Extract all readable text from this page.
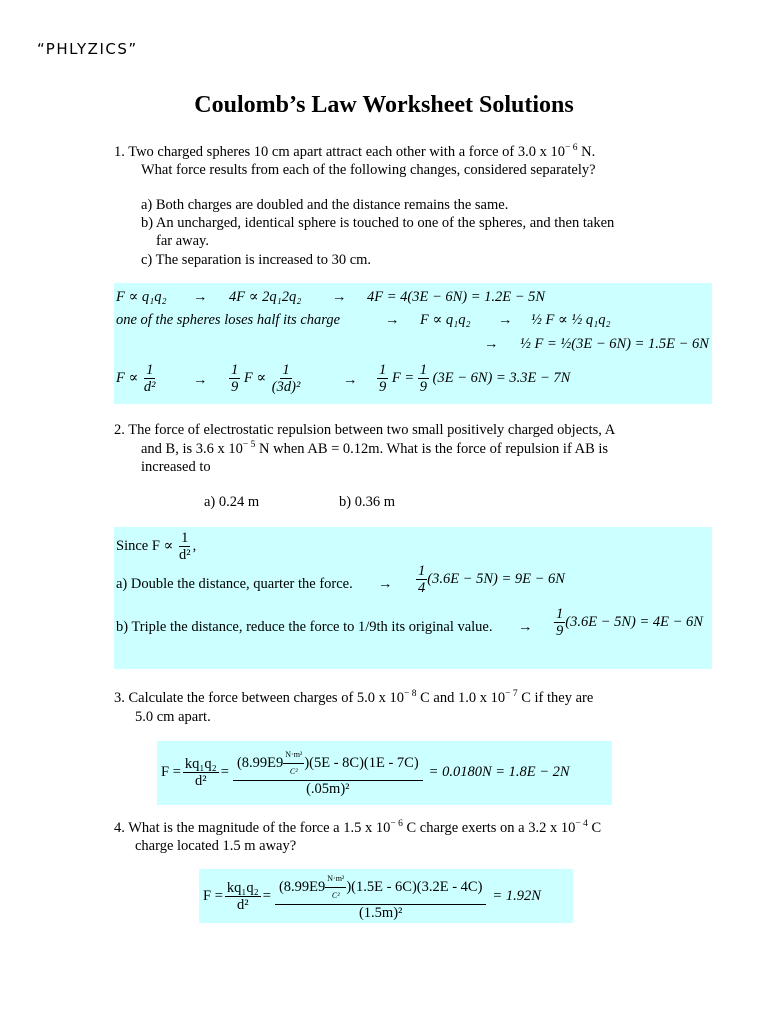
“PHLYZICS”
Coulomb’s Law Worksheet Solutions
1. Two charged spheres 10 cm apart attract each other with a force of 3.0 x $10^{- 6}$ N.
What force results from each of the following changes, considered separately?
a) Both charges are doubled and the distance remains the same.
b) An uncharged, identical sphere is touched to one of the spheres, and then taken
far away.
c) The separation is increased to 30 cm.
F ∝ q₁q₂ → 4F ∝ 2q₁2q₂ → 4F = 4(3E − 6N) = 1.2E − 5N
one of the spheres loses half its charge	→ F ∝ q₁q₂ → ½ F ∝ ½ q₁q₂
→ ½ F = ½(3E − 6N) = 1.5E − 6N
$F \propto \frac{1}{\text{d²}} \to \frac{1}{9}$ $F \propto \frac{1}{\text{(3d)²}}$	→ $\frac{1}{9}$ $F = \frac{1}{9} (3E - 6N) = 3.3E - 7N$
2. The force of electrostatic repulsion between two small positively charged objects, A
and B, is 3.6 x $10^{- 5}$ N when AB = 0.12m. What is the force of repulsion if AB is
increased to
a) 0.24 m	b) 0.36 m
Since $F \propto \frac{1}{\text{d²}}$ ,
a) Double the distance, quarter the force. → $\frac{1}{4} (3.6E - 5N) = 9E - 6N$
b) Triple the distance, reduce the force to 1/9th its original value. → $\frac{1}{9} (3.6E - 5N) = 4E - 6N$
3. Calculate the force between charges of 5.0 x $10^{- 8}$ C and 1.0 x $10^{- 7}$ C if they are
5.0 cm apart.
$F = \frac{\text{kq₁q₂}}{\text{d²}} = \frac{(8.99E9 \frac{\text{N·m²}}{\text{C²}} )(5E - 8C)(1E - 7C)}{\text{(.05m)²}} = 0.0180N = 1.8E - 2N$
4. What is the magnitude of the force a 1.5 x $10^{- 6}$ C charge exerts on a 3.2 x $10^{- 4}$ C
charge located 1.5 m away?
$F = \frac{\text{kq₁q₂}}{\text{d²}} = \frac{(8.99E9 \frac{\text{N·m²}}{\text{C²}} )(1.5E - 6C)(3.2E - 4C)}{\text{(1.5m)²}} = 1.92N$
